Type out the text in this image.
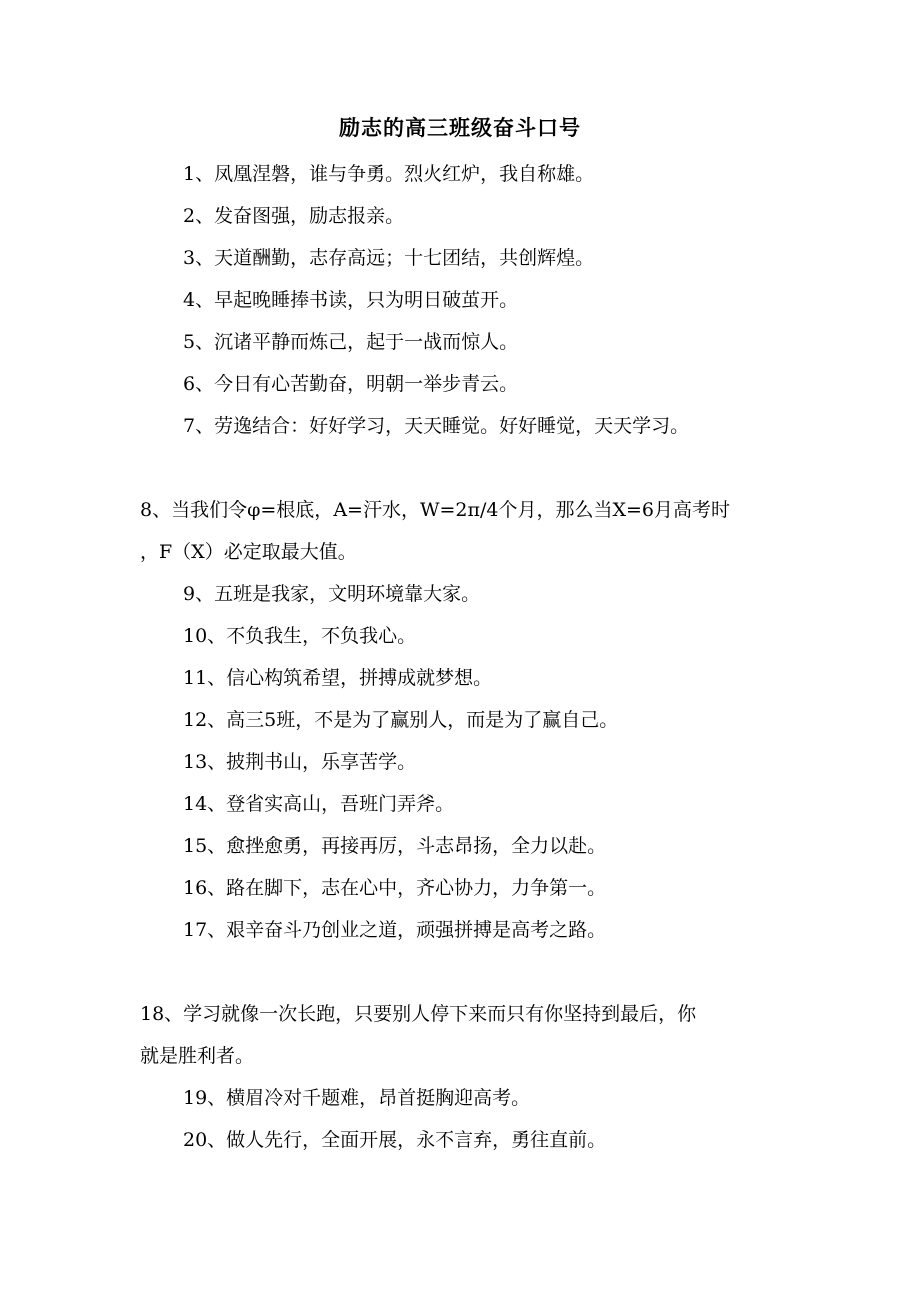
励志的高三班级奋斗口号
1、凤凰涅磐，谁与争勇。烈火红炉，我自称雄。
2、发奋图强，励志报亲。
3、天道酬勤，志存高远；十七团结，共创辉煌。
4、早起晚睡捧书读，只为明日破茧开。
5、沉诸平静而炼己，起于一战而惊人。
6、今日有心苦勤奋，明朝一举步青云。
7、劳逸结合：好好学习，天天睡觉。好好睡觉，天天学习。
8、当我们令φ=根底，A=汗水，W=2π/4个月，那么当X=6月高考时
，F（X）必定取最大值。
9、五班是我家，文明环境靠大家。
10、不负我生，不负我心。
11、信心构筑希望，拼搏成就梦想。
12、高三5班，不是为了赢别人，而是为了赢自己。
13、披荆书山，乐享苦学。
14、登省实高山，吾班门弄斧。
15、愈挫愈勇，再接再厉，斗志昂扬，全力以赴。
16、路在脚下，志在心中，齐心协力，力争第一。
17、艰辛奋斗乃创业之道，顽强拼搏是高考之路。
18、学习就像一次长跑，只要别人停下来而只有你坚持到最后，你
就是胜利者。
19、横眉冷对千题难，昂首挺胸迎高考。
20、做人先行，全面开展，永不言弃，勇往直前。
